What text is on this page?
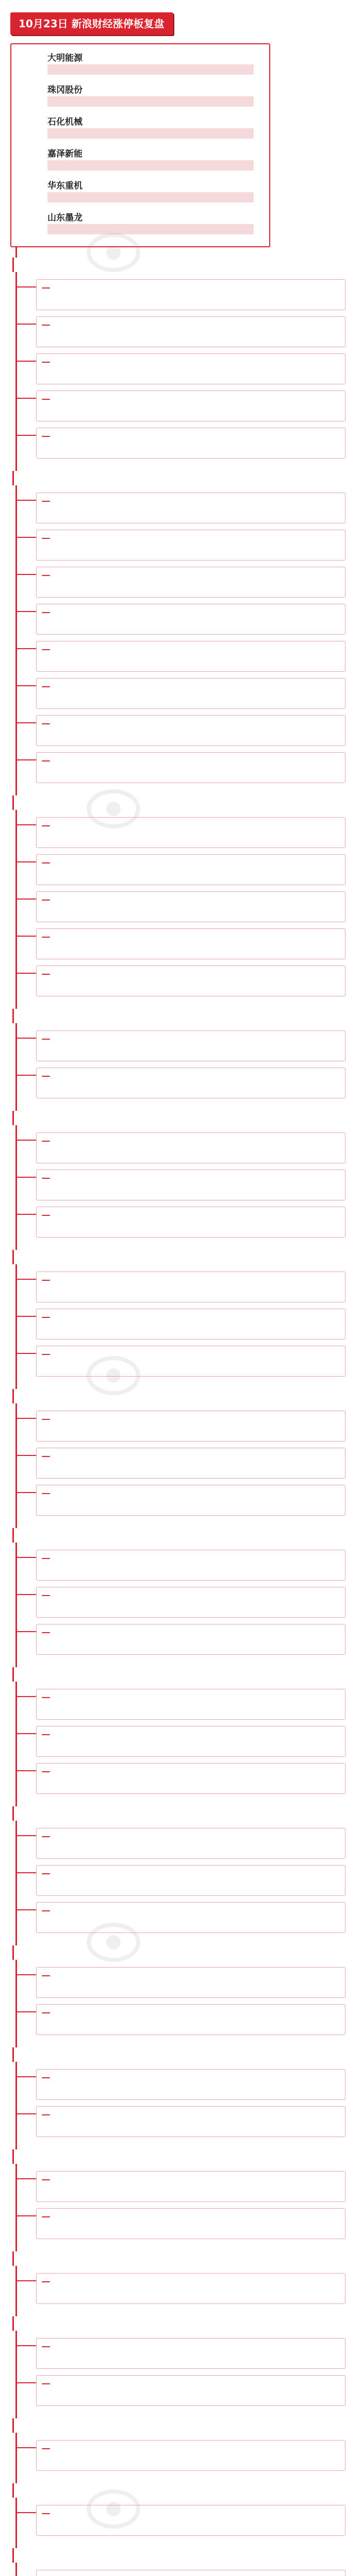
10月23日 新浪财经涨停板复盘
大明能源
珠冈股份
石化机械
嘉泽新能
华东重机
山东墨龙
